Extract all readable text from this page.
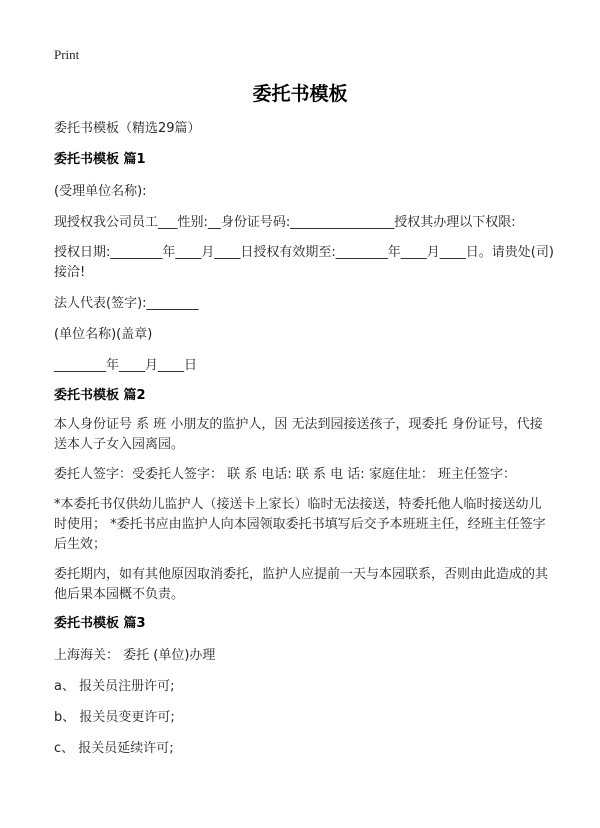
Print
委托书模板
委托书模板（精选29篇）
委托书模板 篇1
(受理单位名称):
现授权我公司员工___性别:__身份证号码:________________授权其办理以下权限:
授权日期:________年____月____日授权有效期至:________年____月____日。请贵处(司)接洽!
法人代表(签字):________
(单位名称)(盖章)
________年____月____日
委托书模板 篇2
本人身份证号 系 班 小朋友的监护人，因 无法到园接送孩子，现委托 身份证号，代接送本人子女入园离园。
委托人签字：受委托人签字： 联 系 电话: 联 系 电 话: 家庭住址： 班主任签字：
*本委托书仅供幼儿监护人（接送卡上家长）临时无法接送，特委托他人临时接送幼儿时使用； *委托书应由监护人向本园领取委托书填写后交予本班班主任，经班主任签字后生效；
委托期内，如有其他原因取消委托，监护人应提前一天与本园联系，否则由此造成的其他后果本园概不负责。
委托书模板 篇3
上海海关： 委托 (单位)办理
a、 报关员注册许可;
b、 报关员变更许可;
c、 报关员延续许可;
